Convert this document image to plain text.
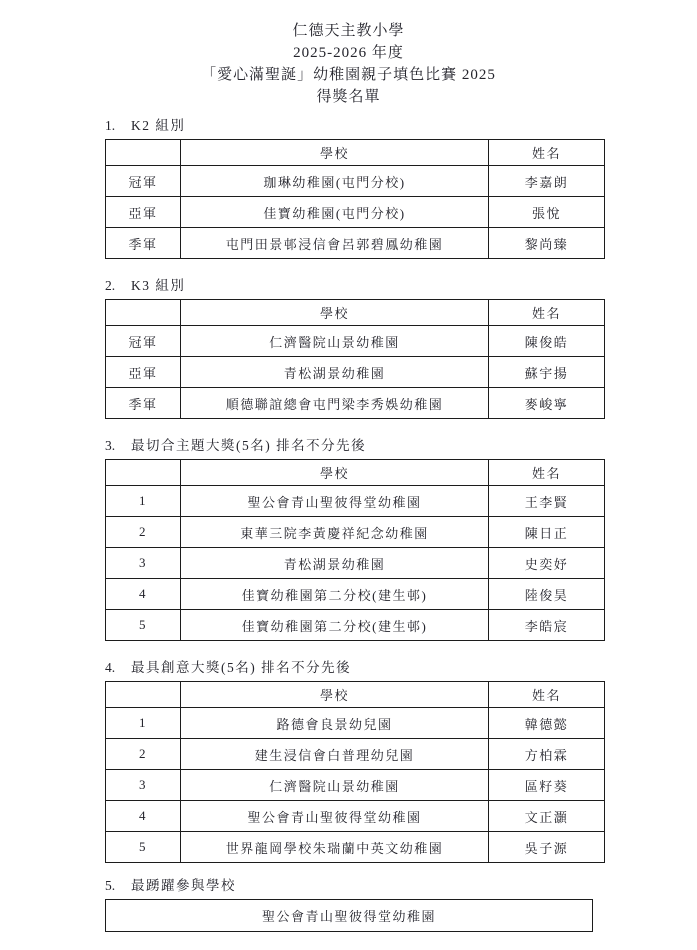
仁德天主教小學
2025-2026 年度
「愛心滿聖誕」幼稚園親子填色比賽 2025
得獎名單
1.	K2 組別
	學校	姓名
冠軍	珈琳幼稚園(屯門分校)	李嘉朗
亞軍	佳寶幼稚園(屯門分校)	張悅
季軍	屯門田景邨浸信會呂郭碧鳳幼稚園	黎尚臻
2.	K3 組別
	學校	姓名
冠軍	仁濟醫院山景幼稚園	陳俊皓
亞軍	青松湖景幼稚園	蘇宇揚
季軍	順德聯誼總會屯門梁李秀娛幼稚園	麥峻寧
3.	最切合主題大獎(5名) 排名不分先後
	學校	姓名
1	聖公會青山聖彼得堂幼稚園	王李賢
2	東華三院李黃慶祥紀念幼稚園	陳日正
3	青松湖景幼稚園	史奕妤
4	佳寶幼稚園第二分校(建生邨)	陸俊昊
5	佳寶幼稚園第二分校(建生邨)	李皓宸
4.	最具創意大獎(5名) 排名不分先後
	學校	姓名
1	路德會良景幼兒園	韓德懿
2	建生浸信會白普理幼兒園	方柏霖
3	仁濟醫院山景幼稚園	區籽葵
4	聖公會青山聖彼得堂幼稚園	文正灝
5	世界龍岡學校朱瑞蘭中英文幼稚園	吳子源
5.	最踴躍參與學校
聖公會青山聖彼得堂幼稚園
